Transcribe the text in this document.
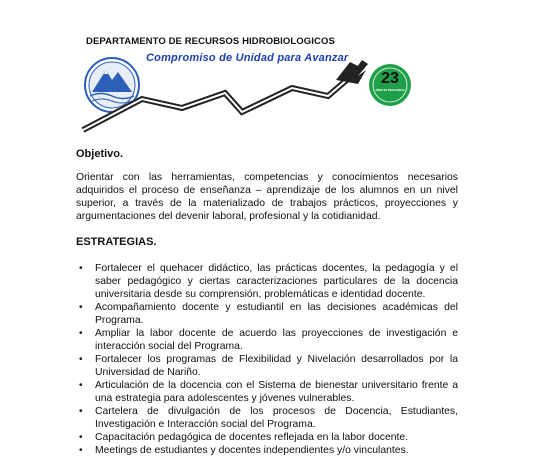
DEPARTAMENTO DE RECURSOS HIDROBIOLOGICOS
Compromiso de Unidad para Avanzar
23
AÑOS DE EXCELENCIA

Objetivo.

Orientar con las herramientas, competencias y conocimientos necesarios adquiridos el proceso de enseñanza – aprendizaje de los alumnos en un nivel superior, a través de la materializado de trabajos prácticos, proyecciones y argumentaciones del devenir laboral, profesional y la cotidianidad.

ESTRATEGIAS.

• Fortalecer el quehacer didáctico, las prácticas docentes, la pedagogía y el saber pedagógico y ciertas caracterizaciones particulares de la docencia universitaria desde su comprensión, problemáticas e identidad docente.
• Acompañamiento docente y estudiantil en las decisiones académicas del Programa.
• Ampliar la labor docente de acuerdo las proyecciones de investigación e interacción social del Programa.
• Fortalecer los programas de Flexibilidad y Nivelación desarrollados por la Universidad de Nariño.
• Articulación de la docencia con el Sistema de bienestar universitario frente a una estrategia para adolescentes y jóvenes vulnerables.
• Cartelera de divulgación de los procesos de Docencia, Estudiantes, Investigación e Interacción social del Programa.
• Capacitación pedagógica de docentes reflejada en la labor docente.
• Meetings de estudiantes y docentes independientes y/o vinculantes.
